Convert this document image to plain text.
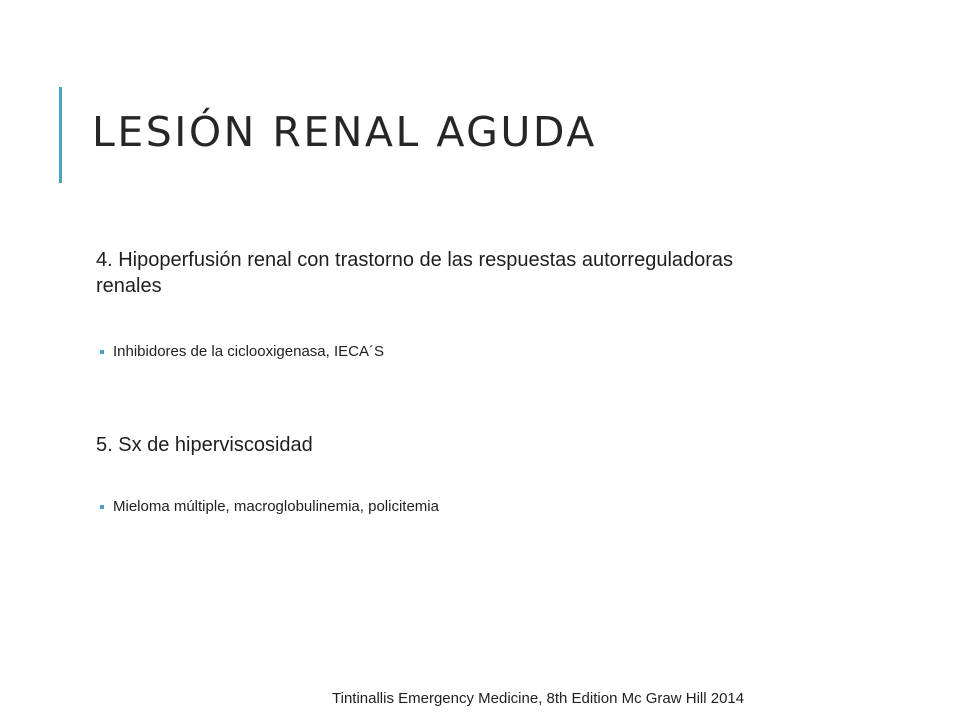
LESIÓN RENAL AGUDA

4. Hipoperfusión renal con trastorno de las respuestas autorreguladoras renales

Inhibidores de la ciclooxigenasa, IECA´S

5. Sx de hiperviscosidad

Mieloma múltiple, macroglobulinemia, policitemia
Tintinallis Emergency Medicine, 8th Edition Mc Graw Hill 2014
